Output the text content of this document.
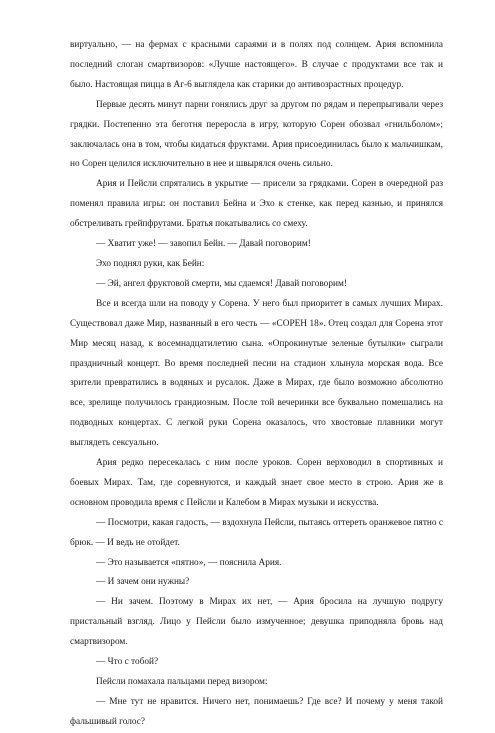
виртуально, — на фермах с красными сараями и в полях под солнцем. Ария вспомнила последний слоган смартвизоров: «Лучше настоящего». В случае с продуктами все так и было. Настоящая пицца в Аг-6 выглядела как старики до антивозрастных процедур.

Первые десять минут парни гонялись друг за другом по рядам и перепрыгивали через грядки. Постепенно эта беготня переросла в игру, которую Сорен обозвал «гнильболом»; заключалась она в том, чтобы кидаться фруктами. Ария присоединилась было к мальчишкам, но Сорен целился исключительно в нее и швырялся очень сильно.

Ария и Пейсли спрятались в укрытие — присели за грядками. Сорен в очередной раз поменял правила игры: он поставил Бейна и Эхо к стенке, как перед казнью, и принялся обстреливать грейпфрутами. Братья покатывались со смеху.

— Хватит уже! — завопил Бейн. — Давай поговорим!

Эхо поднял руки, как Бейн:

— Эй, ангел фруктовой смерти, мы сдаемся! Давай поговорим!

Все и всегда шли на поводу у Сорена. У него был приоритет в самых лучших Мирах. Существовал даже Мир, названный в его честь — «СОРЕН 18». Отец создал для Сорена этот Мир месяц назад, к восемнадцатилетию сына. «Опрокинутые зеленые бутылки» сыграли праздничный концерт. Во время последней песни на стадион хлынула морская вода. Все зрители превратились в водяных и русалок. Даже в Мирах, где было возможно абсолютно все, зрелище получилось грандиозным. После той вечеринки все буквально помешались на подводных концертах. С легкой руки Сорена оказалось, что хвостовые плавники могут выглядеть сексуально.

Ария редко пересекалась с ним после уроков. Сорен верховодил в спортивных и боевых Мирах. Там, где соревнуются, и каждый знает свое место в строю. Ария же в основном проводила время с Пейсли и Калебом в Мирах музыки и искусства.

— Посмотри, какая гадость, — вздохнула Пейсли, пытаясь оттереть оранжевое пятно с брюк. — И ведь не отойдет.

— Это называется «пятно», — пояснила Ария.

— И зачем они нужны?

— Ни зачем. Поэтому в Мирах их нет, — Ария бросила на лучшую подругу пристальный взгляд. Лицо у Пейсли было измученное; девушка приподняла бровь над смартвизором.

— Что с тобой?

Пейсли помахала пальцами перед визором:

— Мне тут не нравится. Ничего нет, понимаешь? Где все? И почему у меня такой фальшивый голос?
